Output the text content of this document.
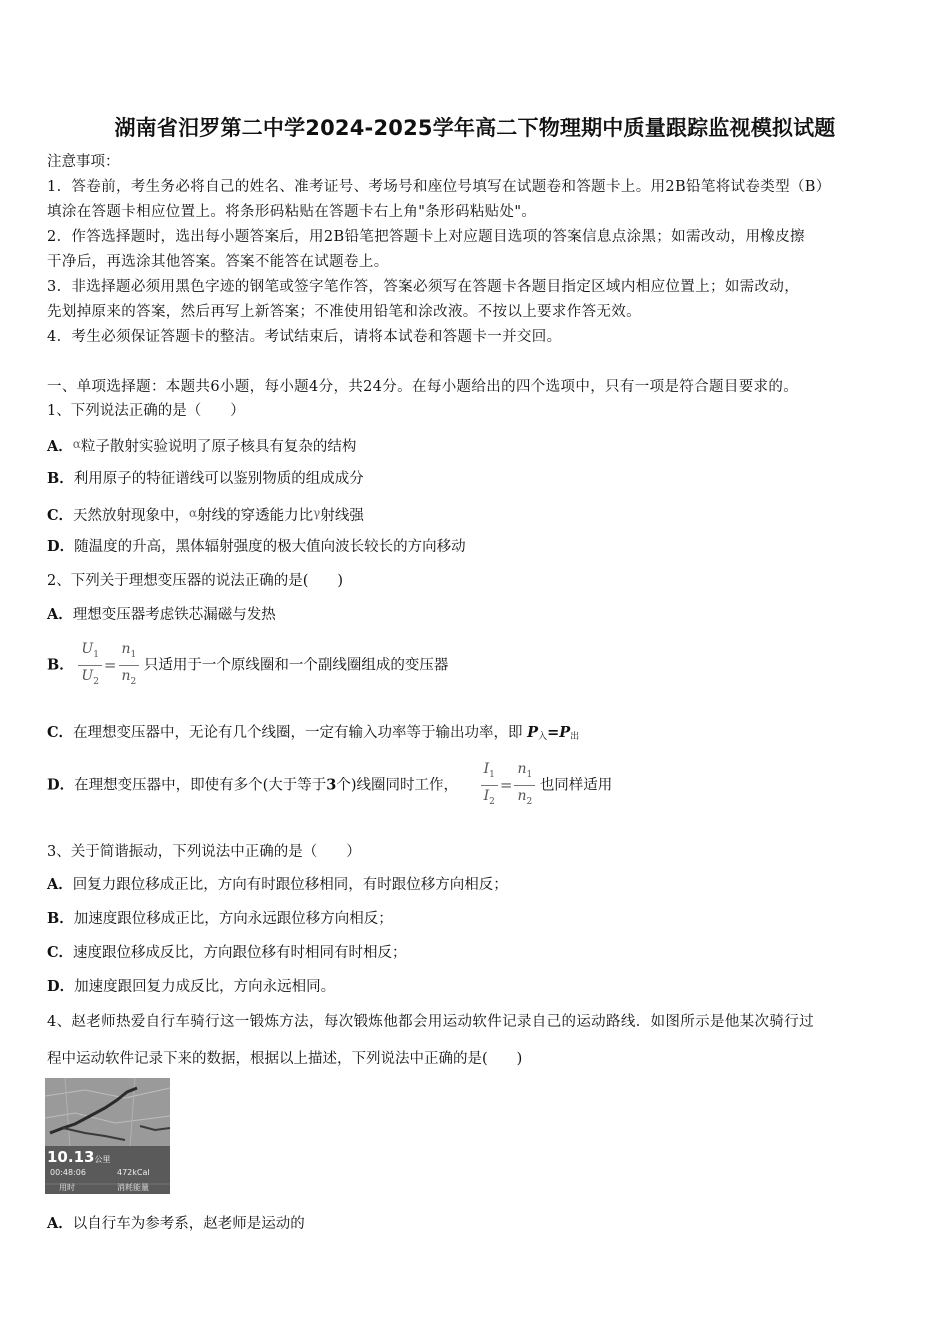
湖南省汨罗第二中学2024-2025学年高二下物理期中质量跟踪监视模拟试题
注意事项：
1．答卷前，考生务必将自己的姓名、准考证号、考场号和座位号填写在试题卷和答题卡上。用2B铅笔将试卷类型（B）
填涂在答题卡相应位置上。将条形码粘贴在答题卡右上角"条形码粘贴处"。
2．作答选择题时，选出每小题答案后，用2B铅笔把答题卡上对应题目选项的答案信息点涂黑；如需改动，用橡皮擦
干净后，再选涂其他答案。答案不能答在试题卷上。
3．非选择题必须用黑色字迹的钢笔或签字笔作答，答案必须写在答题卡各题目指定区域内相应位置上；如需改动，
先划掉原来的答案，然后再写上新答案；不准使用铅笔和涂改液。不按以上要求作答无效。
4．考生必须保证答题卡的整洁。考试结束后，请将本试卷和答题卡一并交回。
一、单项选择题：本题共6小题，每小题4分，共24分。在每小题给出的四个选项中，只有一项是符合题目要求的。
1、下列说法正确的是（　　）
A．$^\alpha$粒子散射实验说明了原子核具有复杂的结构
B．利用原子的特征谱线可以鉴别物质的组成成分
C．天然放射现象中，$^\alpha$射线的穿透能力比$^\gamma$射线强
D．随温度的升高，黑体辐射强度的极大值向波长较长的方向移动
2、下列关于理想变压器的说法正确的是(　　)
A．理想变压器考虑铁芯漏磁与发热
B． $\frac{U_1}{U_2} = \frac{n_1}{n_2}$ 只适用于一个原线圈和一个副线圈组成的变压器
C．在理想变压器中，无论有几个线圈，一定有输入功率等于输出功率，即 P入=P出
D．在理想变压器中，即使有多个(大于等于3个)线圈同时工作， $\frac{I_1}{I_2} = \frac{n_1}{n_2}$ 也同样适用
3、关于简谐振动，下列说法中正确的是（　　）
A．回复力跟位移成正比，方向有时跟位移相同，有时跟位移方向相反；
B．加速度跟位移成正比，方向永远跟位移方向相反；
C．速度跟位移成反比，方向跟位移有时相同有时相反；
D．加速度跟回复力成反比，方向永远相同。
4、赵老师热爱自行车骑行这一锻炼方法，每次锻炼他都会用运动软件记录自己的运动路线．如图所示是他某次骑行过
程中运动软件记录下来的数据，根据以上描述，下列说法中正确的是(　　)
10.13公里
00:48:06	472kCal
用时	消耗能量
A．以自行车为参考系，赵老师是运动的
